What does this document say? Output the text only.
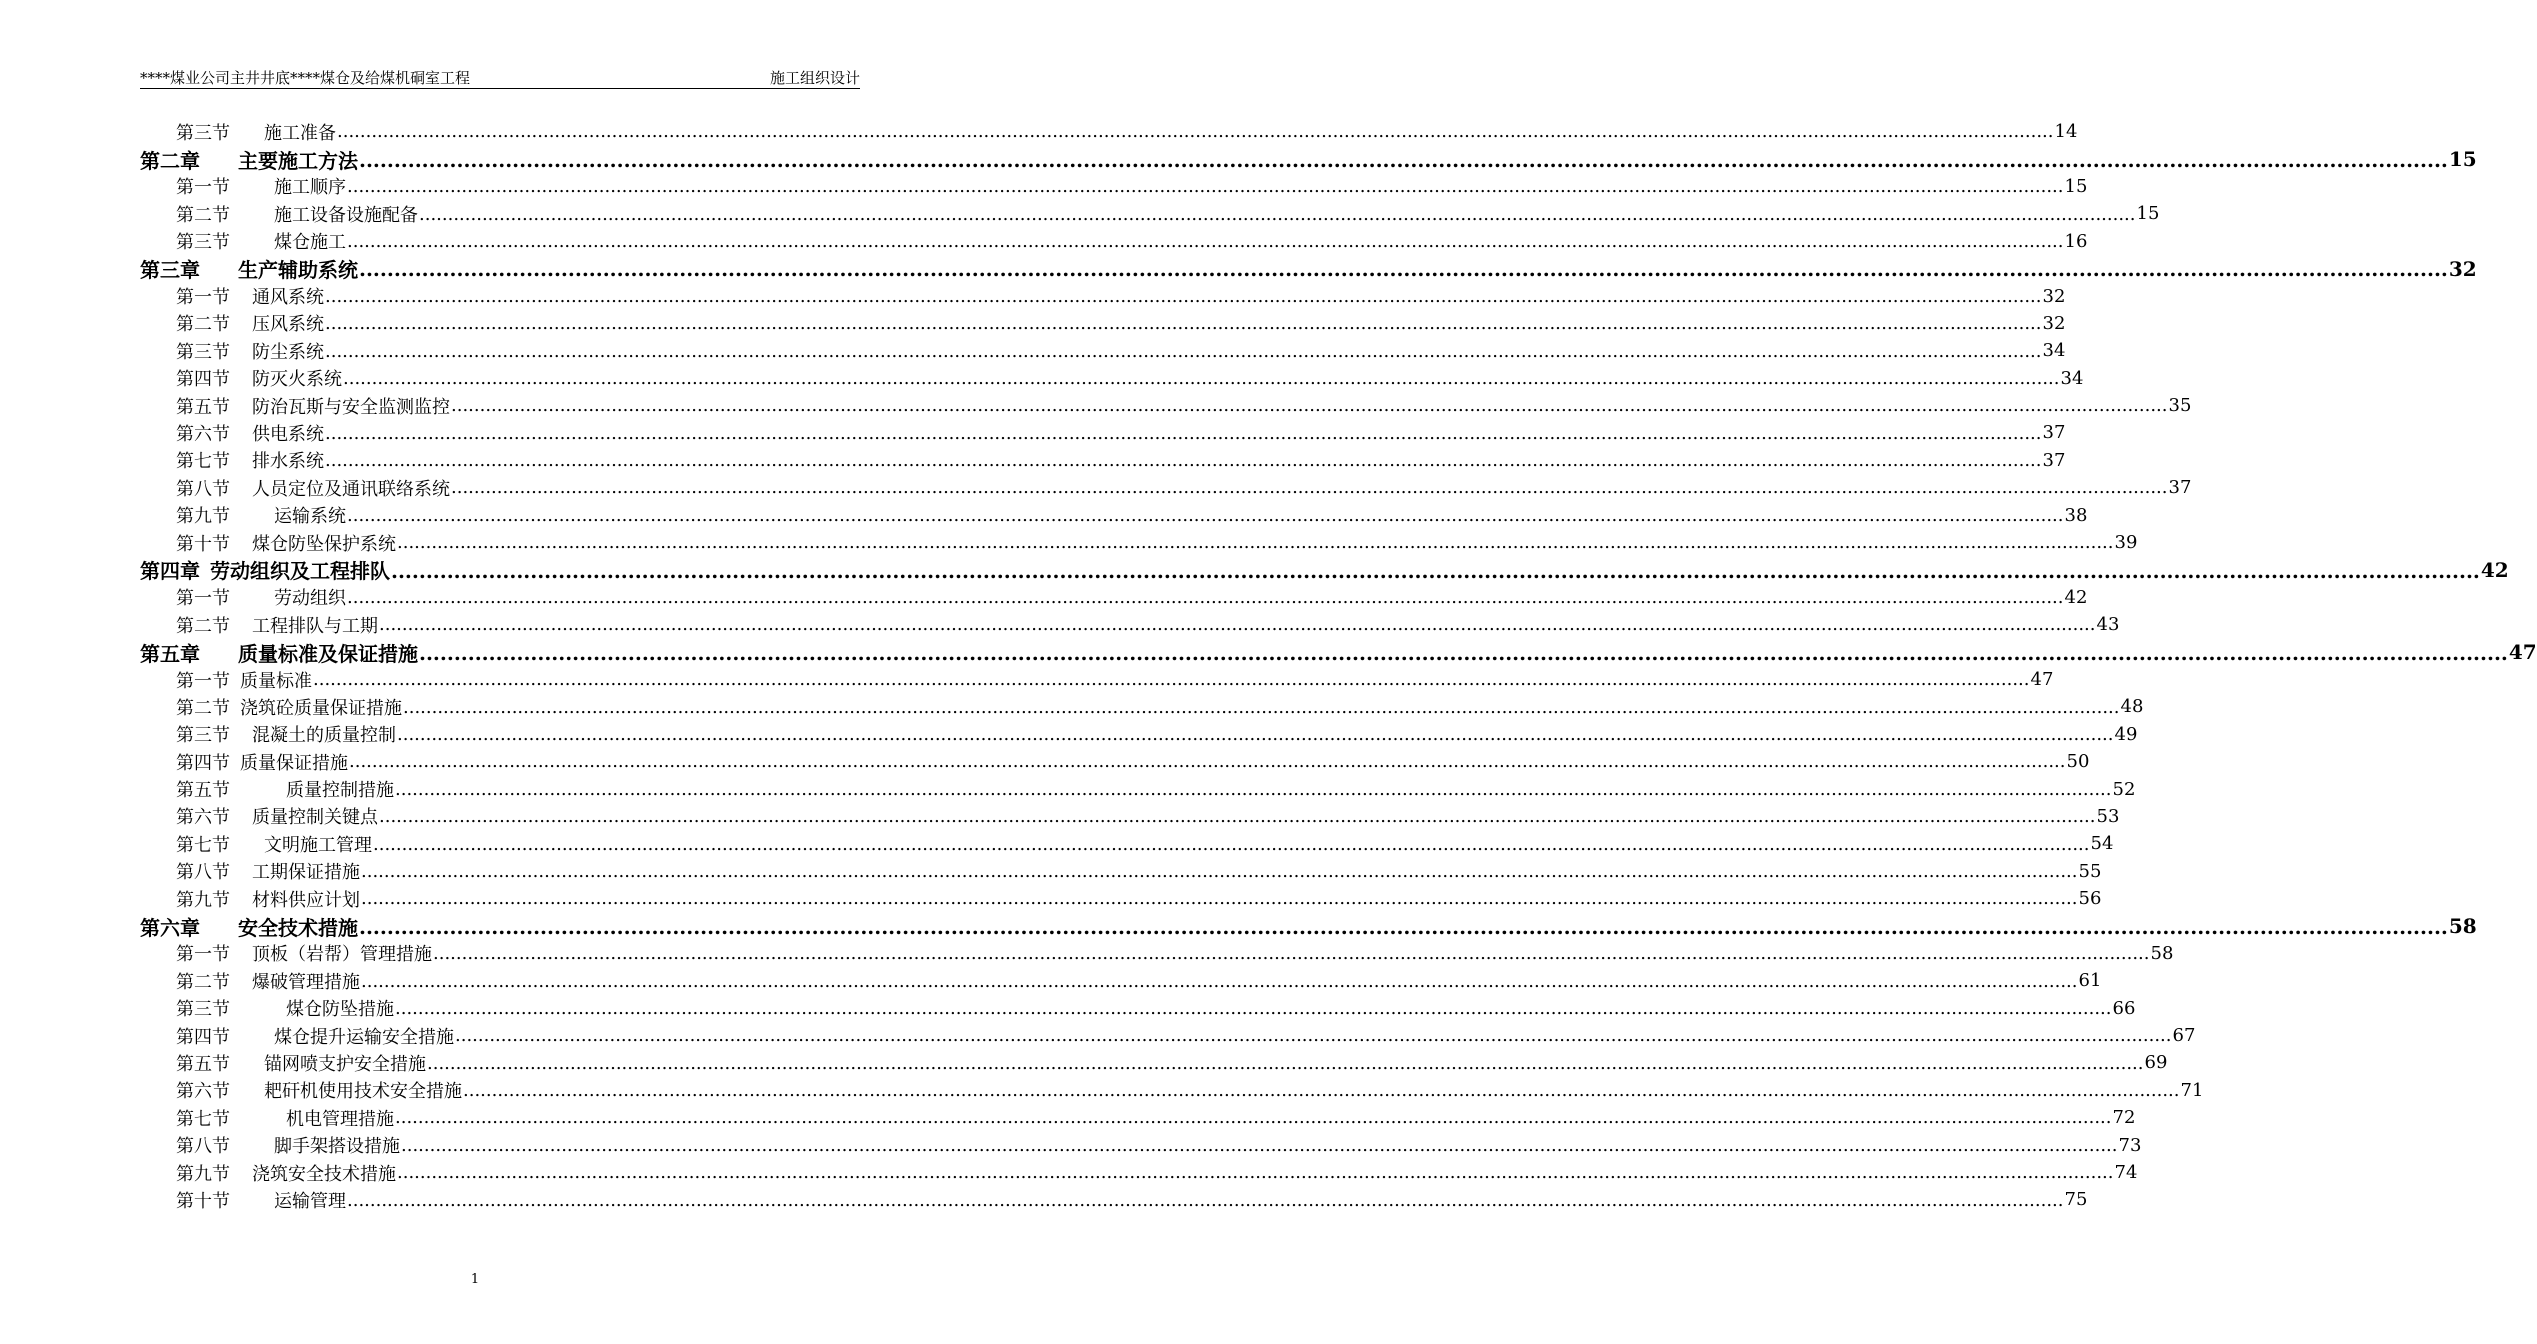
****煤业公司主井井底****煤仓及给煤机硐室工程	施工组织设计
第三节 施工准备 ............................................................................................................................................................................................................................................................................................................ 14
第二章 主要施工方法 ............................................................................................................................................................................................................................................................................................................ 15
第一节 施工顺序 ............................................................................................................................................................................................................................................................................................................ 15
第二节 施工设备设施配备 ............................................................................................................................................................................................................................................................................................................ 15
第三节 煤仓施工 ............................................................................................................................................................................................................................................................................................................ 16
第三章 生产辅助系统 ............................................................................................................................................................................................................................................................................................................ 32
第一节 通风系统 ............................................................................................................................................................................................................................................................................................................ 32
第二节 压风系统 ............................................................................................................................................................................................................................................................................................................ 32
第三节 防尘系统 ............................................................................................................................................................................................................................................................................................................ 34
第四节 防灭火系统 ............................................................................................................................................................................................................................................................................................................ 34
第五节 防治瓦斯与安全监测监控 ............................................................................................................................................................................................................................................................................................................ 35
第六节 供电系统 ............................................................................................................................................................................................................................................................................................................ 37
第七节 排水系统 ............................................................................................................................................................................................................................................................................................................ 37
第八节 人员定位及通讯联络系统 ............................................................................................................................................................................................................................................................................................................ 37
第九节 运输系统 ............................................................................................................................................................................................................................................................................................................ 38
第十节 煤仓防坠保护系统 ............................................................................................................................................................................................................................................................................................................ 39
第四章 劳动组织及工程排队 ............................................................................................................................................................................................................................................................................................................ 42
第一节 劳动组织 ............................................................................................................................................................................................................................................................................................................ 42
第二节 工程排队与工期 ............................................................................................................................................................................................................................................................................................................ 43
第五章 质量标准及保证措施 ............................................................................................................................................................................................................................................................................................................ 47
第一节 质量标准 ............................................................................................................................................................................................................................................................................................................ 47
第二节 浇筑砼质量保证措施 ............................................................................................................................................................................................................................................................................................................ 48
第三节 混凝土的质量控制 ............................................................................................................................................................................................................................................................................................................ 49
第四节 质量保证措施 ............................................................................................................................................................................................................................................................................................................ 50
第五节	质量控制措施 ............................................................................................................................................................................................................................................................................................................ 52
第六节 质量控制关键点 ............................................................................................................................................................................................................................................................................................................ 53
第七节 文明施工管理 ............................................................................................................................................................................................................................................................................................................ 54
第八节 工期保证措施 ............................................................................................................................................................................................................................................................................................................ 55
第九节 材料供应计划 ............................................................................................................................................................................................................................................................................................................ 56
第六章 安全技术措施 ............................................................................................................................................................................................................................................................................................................ 58
第一节 顶板（岩帮）管理措施 ............................................................................................................................................................................................................................................................................................................ 58
第二节 爆破管理措施 ............................................................................................................................................................................................................................................................................................................ 61
第三节	煤仓防坠措施 ............................................................................................................................................................................................................................................................................................................ 66
第四节 煤仓提升运输安全措施 ............................................................................................................................................................................................................................................................................................................ 67
第五节 锚网喷支护安全措施 ............................................................................................................................................................................................................................................................................................................ 69
第六节 耙矸机使用技术安全措施 ............................................................................................................................................................................................................................................................................................................ 71
第七节	机电管理措施 ............................................................................................................................................................................................................................................................................................................ 72
第八节 脚手架搭设措施 ............................................................................................................................................................................................................................................................................................................ 73
第九节 浇筑安全技术措施 ............................................................................................................................................................................................................................................................................................................ 74
第十节 运输管理 ............................................................................................................................................................................................................................................................................................................ 75
1
